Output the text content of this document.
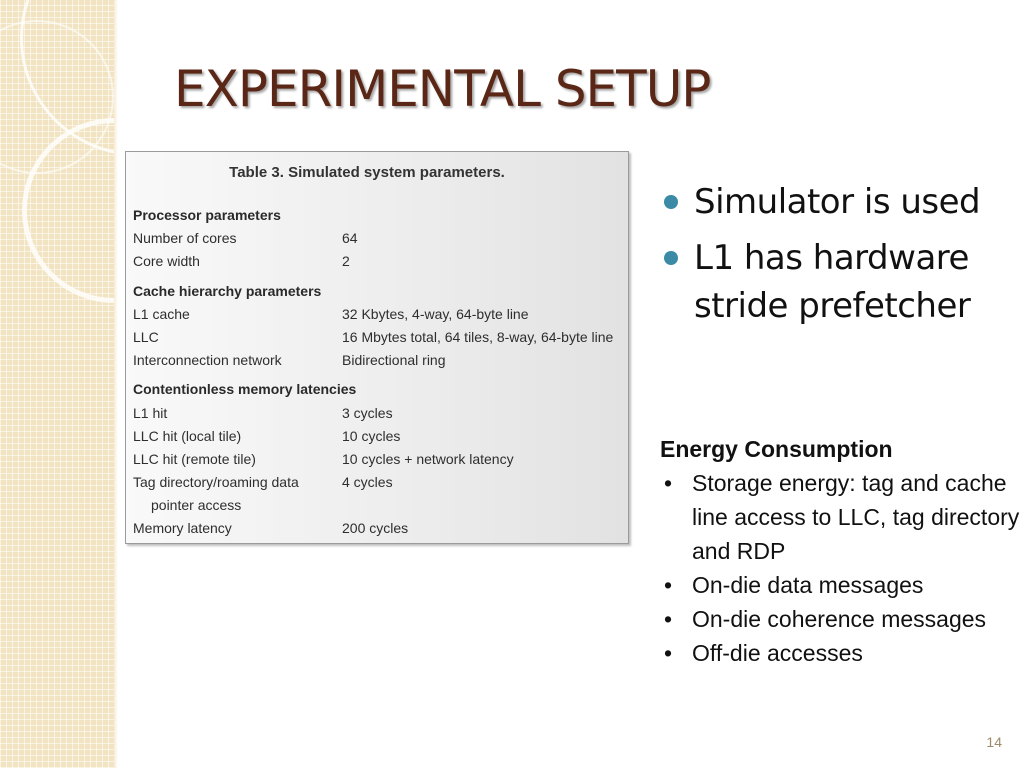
EXPERIMENTAL SETUP
Table 3. Simulated system parameters.
Processor parameters
Number of cores	64
Core width	2
Cache hierarchy parameters
L1 cache	32 Kbytes, 4-way, 64-byte line
LLC	16 Mbytes total, 64 tiles, 8-way, 64-byte line
Interconnection network	Bidirectional ring
Contentionless memory latencies
L1 hit	3 cycles
LLC hit (local tile)	10 cycles
LLC hit (remote tile)	10 cycles + network latency
Tag directory/roaming data	4 cycles
pointer access
Memory latency	200 cycles
Simulator is used
L1 has hardware stride prefetcher
Energy Consumption
• Storage energy: tag and cache line access to LLC, tag directory and RDP
• On-die data messages
• On-die coherence messages
• Off-die accesses
14
